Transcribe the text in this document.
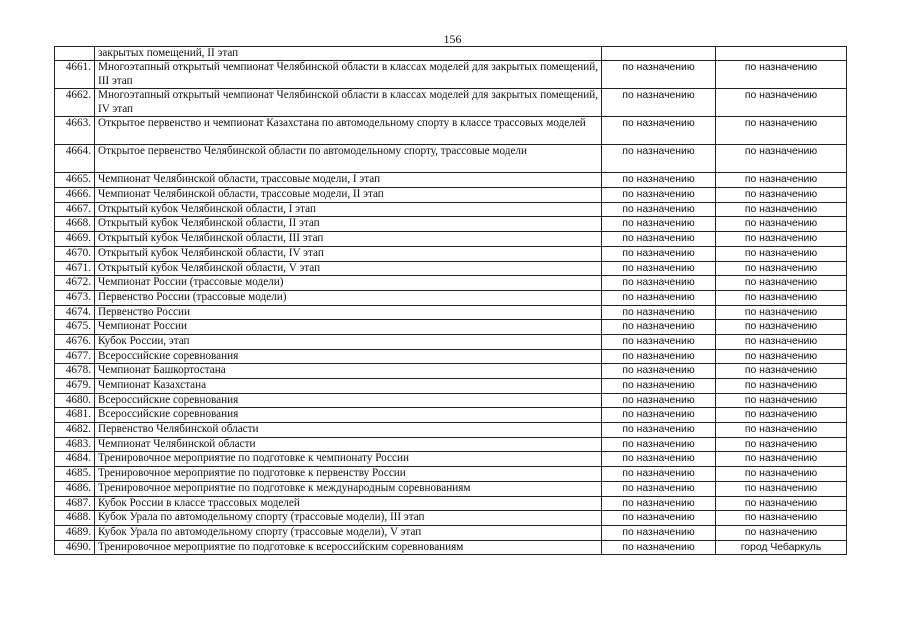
156
	закрытых помещений, II этап		
4661.	Многоэтапный открытый чемпионат Челябинской области в классах моделей для закрытых помещений, III этап	по назначению	по назначению
4662.	Многоэтапный открытый чемпионат Челябинской области в классах моделей для закрытых помещений, IV этап	по назначению	по назначению
4663.	Открытое первенство и чемпионат Казахстана по автомодельному спорту в классе трассовых моделей	по назначению	по назначению
4664.	Открытое первенство Челябинской области по автомодельному спорту, трассовые модели	по назначению	по назначению
4665.	Чемпионат Челябинской области, трассовые модели, I этап	по назначению	по назначению
4666.	Чемпионат Челябинской области, трассовые модели, II этап	по назначению	по назначению
4667.	Открытый кубок Челябинской области, I этап	по назначению	по назначению
4668.	Открытый кубок Челябинской области, II этап	по назначению	по назначению
4669.	Открытый кубок Челябинской области, III этап	по назначению	по назначению
4670.	Открытый кубок Челябинской области, IV этап	по назначению	по назначению
4671.	Открытый кубок Челябинской области, V этап	по назначению	по назначению
4672.	Чемпионат России (трассовые модели)	по назначению	по назначению
4673.	Первенство России (трассовые модели)	по назначению	по назначению
4674.	Первенство России	по назначению	по назначению
4675.	Чемпионат России	по назначению	по назначению
4676.	Кубок России, этап	по назначению	по назначению
4677.	Всероссийские соревнования	по назначению	по назначению
4678.	Чемпионат Башкортостана	по назначению	по назначению
4679.	Чемпионат Казахстана	по назначению	по назначению
4680.	Всероссийские соревнования	по назначению	по назначению
4681.	Всероссийские соревнования	по назначению	по назначению
4682.	Первенство Челябинской области	по назначению	по назначению
4683.	Чемпионат Челябинской области	по назначению	по назначению
4684.	Тренировочное мероприятие по подготовке к чемпионату России	по назначению	по назначению
4685.	Тренировочное мероприятие по подготовке к первенству России	по назначению	по назначению
4686.	Тренировочное мероприятие по подготовке к международным соревнованиям	по назначению	по назначению
4687.	Кубок России в классе трассовых моделей	по назначению	по назначению
4688.	Кубок Урала по автомодельному спорту (трассовые модели), III этап	по назначению	по назначению
4689.	Кубок Урала по автомодельному спорту (трассовые модели), V этап	по назначению	по назначению
4690.	Тренировочное мероприятие по подготовке к всероссийским соревнованиям	по назначению	город Чебаркуль
